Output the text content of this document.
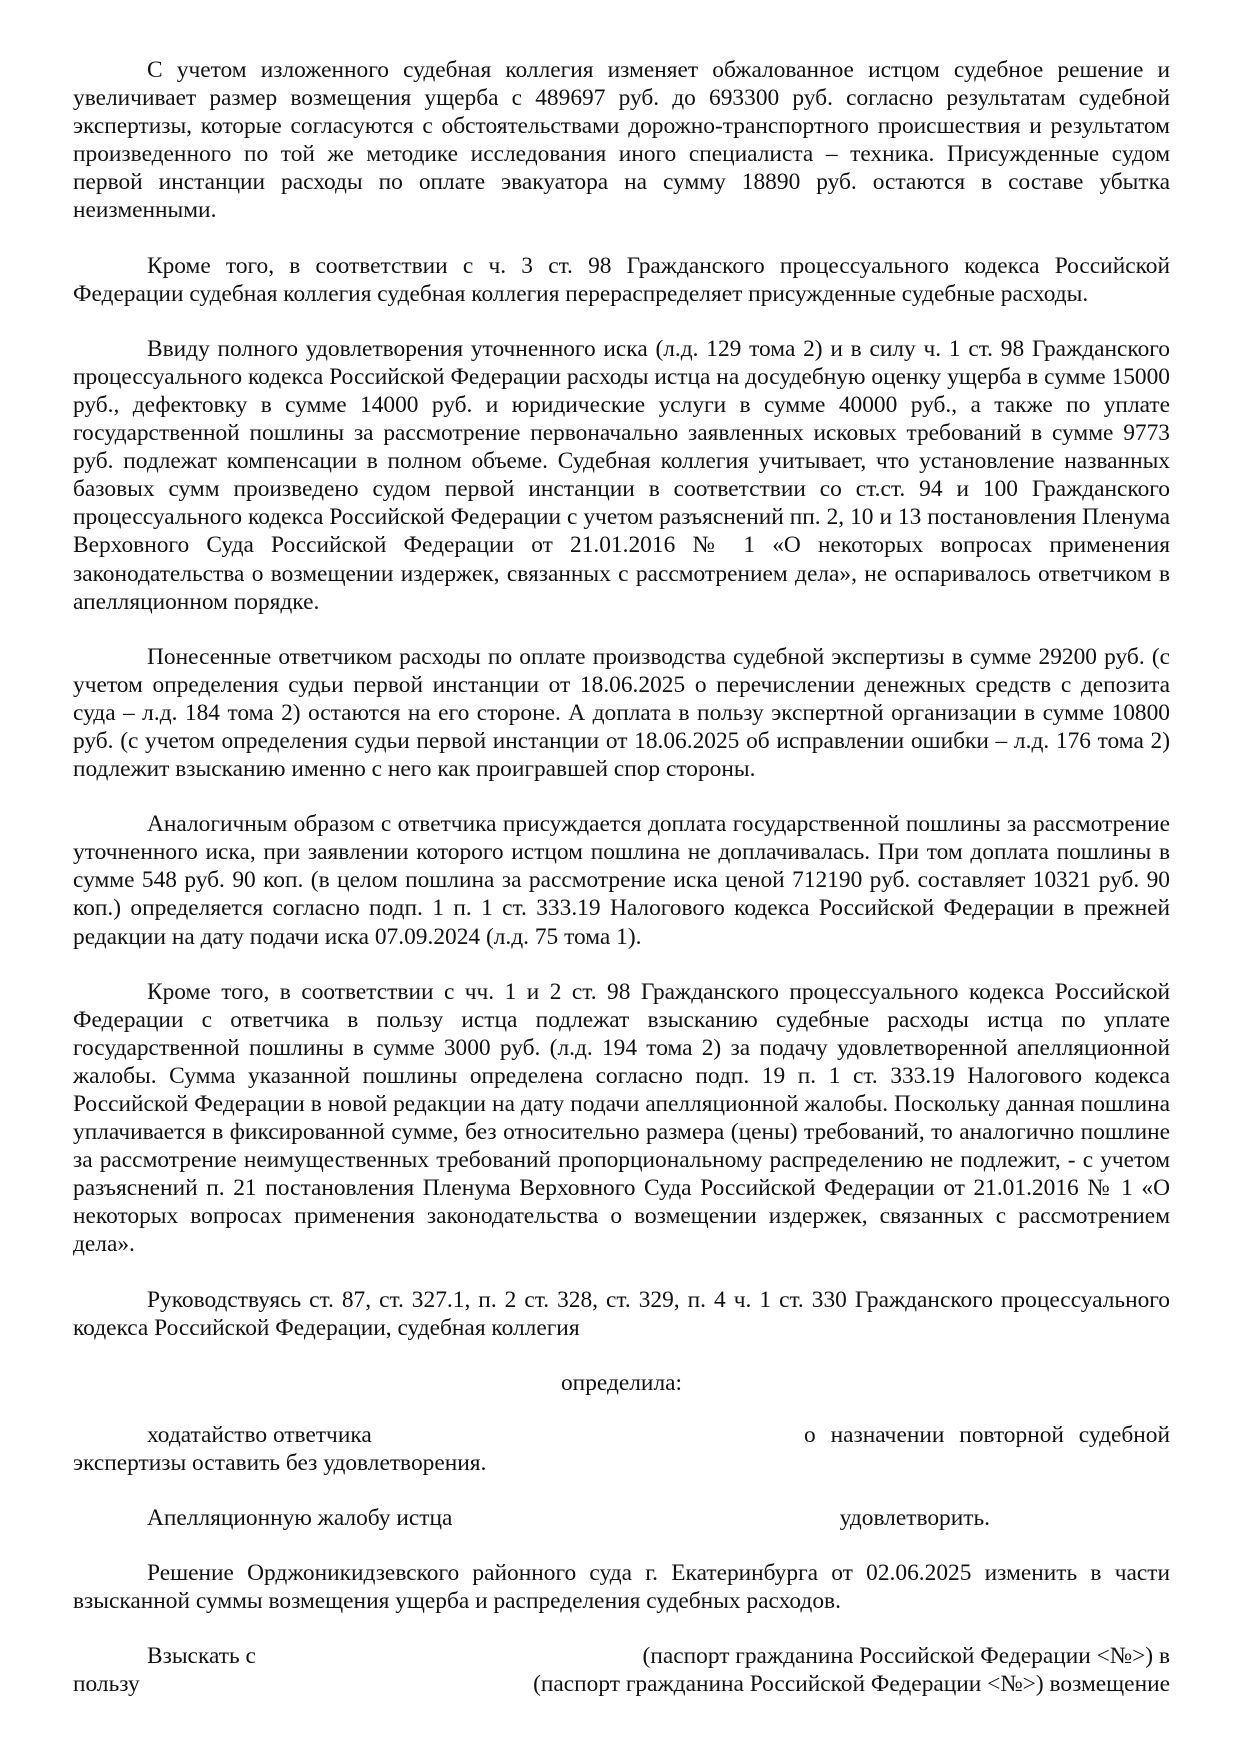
С учетом изложенного судебная коллегия изменяет обжалованное истцом судебное решение и увеличивает размер возмещения ущерба с 489697 руб. до 693300 руб. согласно результатам судебной экспертизы, которые согласуются с обстоятельствами дорожно-транспортного происшествия и результатом произведенного по той же методике исследования иного специалиста – техника. Присужденные судом первой инстанции расходы по оплате эвакуатора на сумму 18890 руб. остаются в составе убытка неизменными.

Кроме того, в соответствии с ч. 3 ст. 98 Гражданского процессуального кодекса Российской Федерации судебная коллегия судебная коллегия перераспределяет присужденные судебные расходы.

Ввиду полного удовлетворения уточненного иска (л.д. 129 тома 2) и в силу ч. 1 ст. 98 Гражданского процессуального кодекса Российской Федерации расходы истца на досудебную оценку ущерба в сумме 15000 руб., дефектовку в сумме 14000 руб. и юридические услуги в сумме 40000 руб., а также по уплате государственной пошлины за рассмотрение первоначально заявленных исковых требований в сумме 9773 руб. подлежат компенсации в полном объеме. Судебная коллегия учитывает, что установление названных базовых сумм произведено судом первой инстанции в соответствии со ст.ст. 94 и 100 Гражданского процессуального кодекса Российской Федерации с учетом разъяснений пп. 2, 10 и 13 постановления Пленума Верховного Суда Российской Федерации от 21.01.2016 № 1 «О некоторых вопросах применения законодательства о возмещении издержек, связанных с рассмотрением дела», не оспаривалось ответчиком в апелляционном порядке.

Понесенные ответчиком расходы по оплате производства судебной экспертизы в сумме 29200 руб. (с учетом определения судьи первой инстанции от 18.06.2025 о перечислении денежных средств с депозита суда – л.д. 184 тома 2) остаются на его стороне. А доплата в пользу экспертной организации в сумме 10800 руб. (с учетом определения судьи первой инстанции от 18.06.2025 об исправлении ошибки – л.д. 176 тома 2) подлежит взысканию именно с него как проигравшей спор стороны.

Аналогичным образом с ответчика присуждается доплата государственной пошлины за рассмотрение уточненного иска, при заявлении которого истцом пошлина не доплачивалась. При том доплата пошлины в сумме 548 руб. 90 коп. (в целом пошлина за рассмотрение иска ценой 712190 руб. составляет 10321 руб. 90 коп.) определяется согласно подп. 1 п. 1 ст. 333.19 Налогового кодекса Российской Федерации в прежней редакции на дату подачи иска 07.09.2024 (л.д. 75 тома 1).

Кроме того, в соответствии с чч. 1 и 2 ст. 98 Гражданского процессуального кодекса Российской Федерации с ответчика в пользу истца подлежат взысканию судебные расходы истца по уплате государственной пошлины в сумме 3000 руб. (л.д. 194 тома 2) за подачу удовлетворенной апелляционной жалобы. Сумма указанной пошлины определена согласно подп. 19 п. 1 ст. 333.19 Налогового кодекса Российской Федерации в новой редакции на дату подачи апелляционной жалобы. Поскольку данная пошлина уплачивается в фиксированной сумме, без относительно размера (цены) требований, то аналогично пошлине за рассмотрение неимущественных требований пропорциональному распределению не подлежит, - с учетом разъяснений п. 21 постановления Пленума Верховного Суда Российской Федерации от 21.01.2016 № 1 «О некоторых вопросах применения законодательства о возмещении издержек, связанных с рассмотрением дела».

Руководствуясь ст. 87, ст. 327.1, п. 2 ст. 328, ст. 329, п. 4 ч. 1 ст. 330 Гражданского процессуального кодекса Российской Федерации, судебная коллегия

определила:

ходатайство ответчика	о назначении повторной судебной
экспертизы оставить без удовлетворения.
Апелляционную жалобу истца	удовлетворить.

Решение Орджоникидзевского районного суда г. Екатеринбурга от 02.06.2025 изменить в части взысканной суммы возмещения ущерба и распределения судебных расходов.

Взыскать с	(паспорт гражданина Российской Федерации <№>) в
пользу	(паспорт гражданина Российской Федерации <№>) возмещение
